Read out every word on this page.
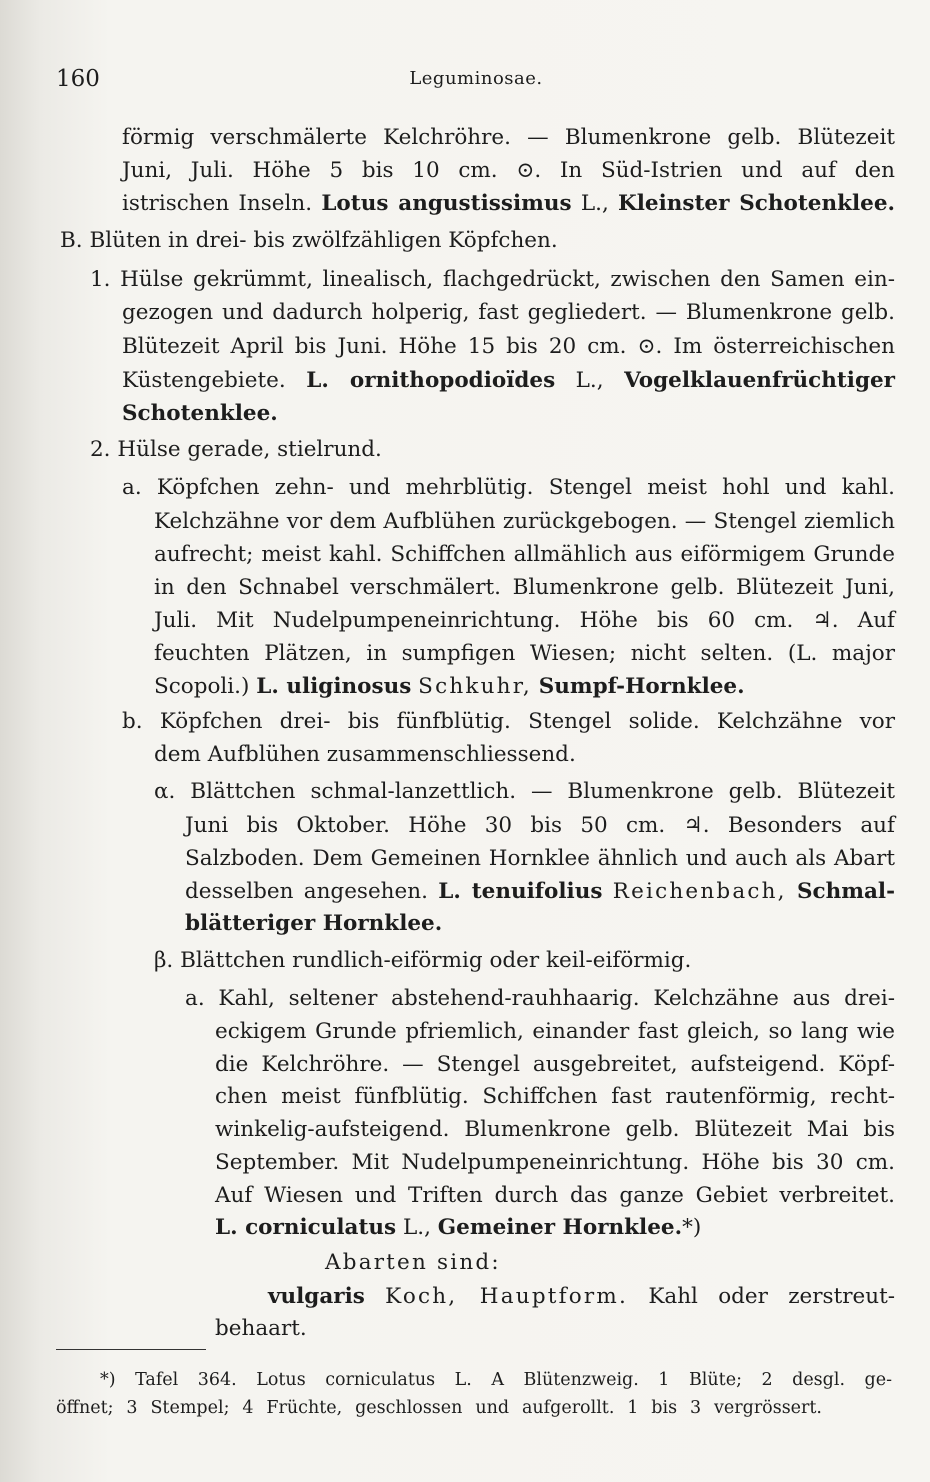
160	Leguminosae.
förmig verschmälerte Kelchröhre. — Blumenkrone gelb. Blütezeit
Juni, Juli. Höhe 5 bis 10 cm. ⊙. In Süd-Istrien und auf den
istrischen Inseln. Lotus angustissimus L., Kleinster Schotenklee.
B. Blüten in drei- bis zwölfzähligen Köpfchen.
1. Hülse gekrümmt, linealisch, flachgedrückt, zwischen den Samen ein-
gezogen und dadurch holperig, fast gegliedert. — Blumenkrone gelb.
Blütezeit April bis Juni. Höhe 15 bis 20 cm. ⊙. Im österreichischen
Küstengebiete. L. ornithopodioïdes L., Vogelklauenfrüchtiger
Schotenklee.
2. Hülse gerade, stielrund.
a. Köpfchen zehn- und mehrblütig. Stengel meist hohl und kahl.
Kelchzähne vor dem Aufblühen zurückgebogen. — Stengel ziemlich
aufrecht; meist kahl. Schiffchen allmählich aus eiförmigem Grunde
in den Schnabel verschmälert. Blumenkrone gelb. Blütezeit Juni,
Juli. Mit Nudelpumpeneinrichtung. Höhe bis 60 cm. ♃. Auf
feuchten Plätzen, in sumpfigen Wiesen; nicht selten. (L. major
Scopoli.) L. uliginosus Schkuhr, Sumpf-Hornklee.
b. Köpfchen drei- bis fünfblütig. Stengel solide. Kelchzähne vor
dem Aufblühen zusammenschliessend.
α. Blättchen schmal-lanzettlich. — Blumenkrone gelb. Blütezeit
Juni bis Oktober. Höhe 30 bis 50 cm. ♃. Besonders auf
Salzboden. Dem Gemeinen Hornklee ähnlich und auch als Abart
desselben angesehen. L. tenuifolius Reichenbach, Schmal-
blätteriger Hornklee.
β. Blättchen rundlich-eiförmig oder keil-eiförmig.
a. Kahl, seltener abstehend-rauhhaarig. Kelchzähne aus drei-
eckigem Grunde pfriemlich, einander fast gleich, so lang wie
die Kelchröhre. — Stengel ausgebreitet, aufsteigend. Köpf-
chen meist fünfblütig. Schiffchen fast rautenförmig, recht-
winkelig-aufsteigend. Blumenkrone gelb. Blütezeit Mai bis
September. Mit Nudelpumpeneinrichtung. Höhe bis 30 cm.
Auf Wiesen und Triften durch das ganze Gebiet verbreitet.
L. corniculatus L., Gemeiner Hornklee.*)
Abarten sind:
vulgaris Koch, Hauptform. Kahl oder zerstreut-
behaart.
*) Tafel 364. Lotus corniculatus L. A Blütenzweig. 1 Blüte; 2 desgl. ge-
öffnet; 3 Stempel; 4 Früchte, geschlossen und aufgerollt. 1 bis 3 vergrössert.
